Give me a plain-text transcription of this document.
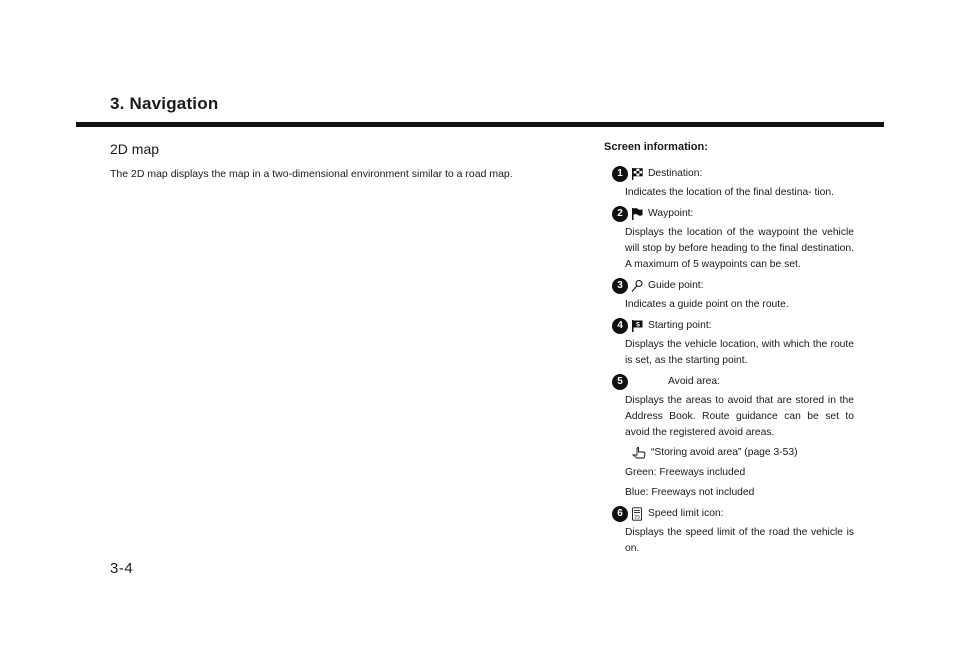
3. Navigation
2D map
The 2D map displays the map in a two-dimensional environment similar to a road map.
3-4
Screen information:
1	Destination:
Indicates the location of the final destina- tion.
2	Waypoint:
Displays the location of the waypoint the vehicle will stop by before heading to the final destination. A maximum of 5 waypoints can be set.
3	Guide point:
Indicates a guide point on the route.
4	S Starting point:
Displays the vehicle location, with which the route is set, as the starting point.
5	Avoid area:
Displays the areas to avoid that are stored in the Address Book. Route guidance can be set to avoid the registered avoid areas.
“Storing avoid area” (page 3-53)
Green: Freeways included
Blue: Freeways not included
6	25 Speed limit icon:
Displays the speed limit of the road the vehicle is on.
